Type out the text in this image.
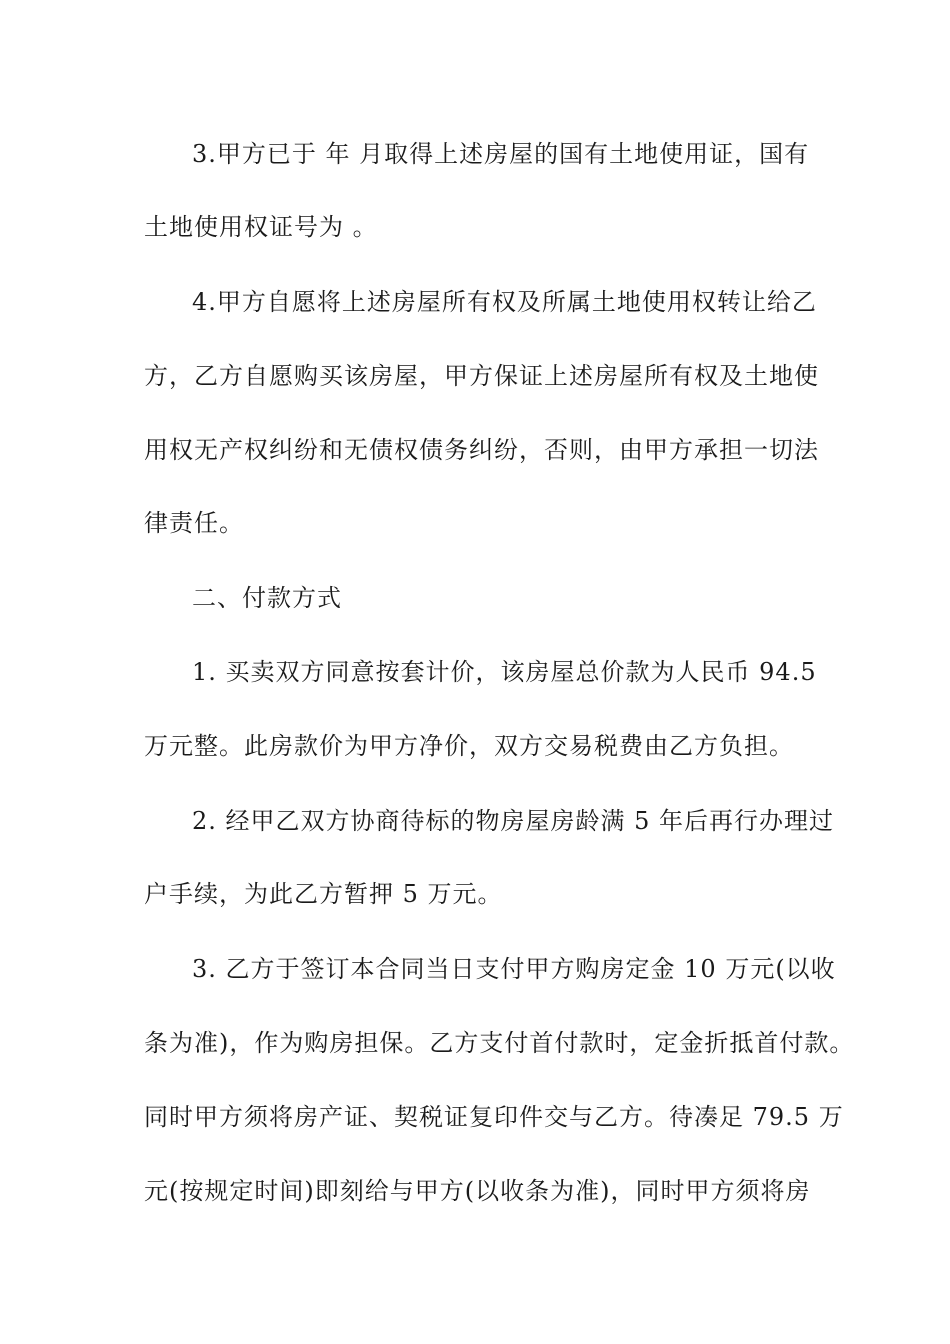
3.甲方已于 年 月取得上述房屋的国有土地使用证，国有

土地使用权证号为 。

4.甲方自愿将上述房屋所有权及所属土地使用权转让给乙

方，乙方自愿购买该房屋，甲方保证上述房屋所有权及土地使

用权无产权纠纷和无债权债务纠纷，否则，由甲方承担一切法

律责任。

二、付款方式

1. 买卖双方同意按套计价，该房屋总价款为人民币 94.5

万元整。此房款价为甲方净价，双方交易税费由乙方负担。

2. 经甲乙双方协商待标的物房屋房龄满 5 年后再行办理过

户手续，为此乙方暂押 5 万元。

3. 乙方于签订本合同当日支付甲方购房定金 10 万元(以收

条为准)，作为购房担保。乙方支付首付款时，定金折抵首付款。

同时甲方须将房产证、契税证复印件交与乙方。待凑足 79.5 万

元(按规定时间)即刻给与甲方(以收条为准)，同时甲方须将房
